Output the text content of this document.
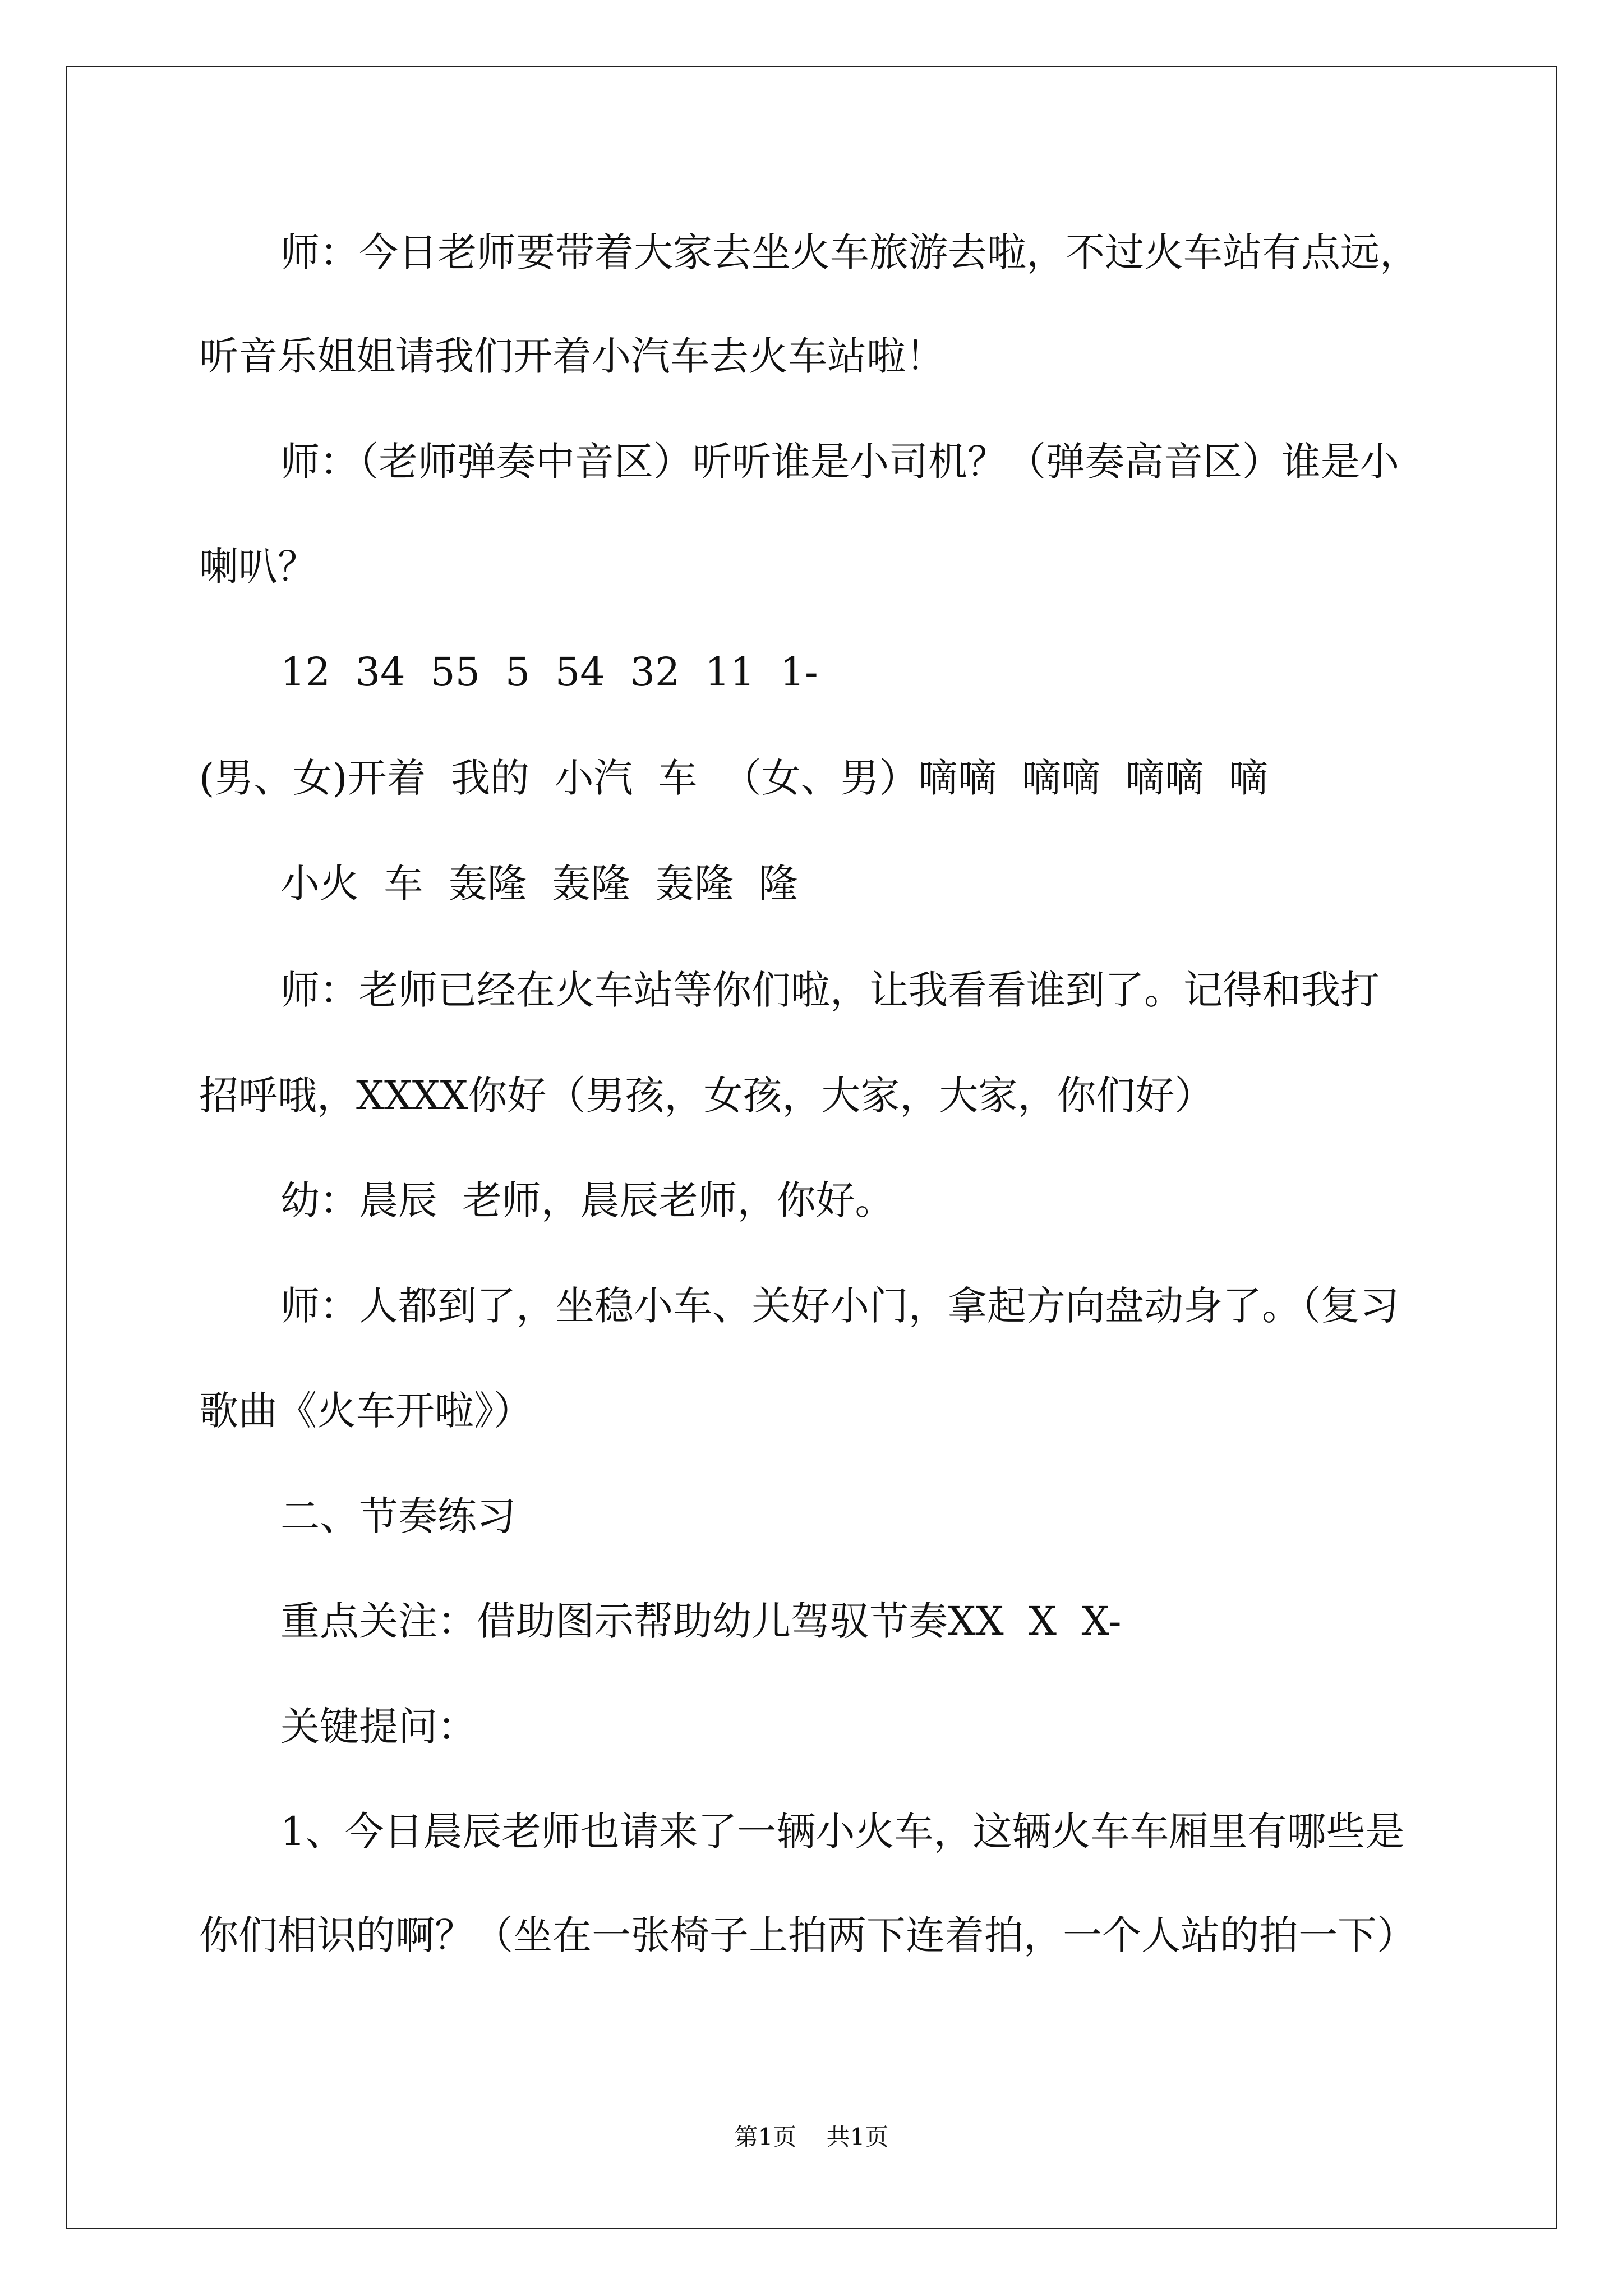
师：今日老师要带着大家去坐火车旅游去啦，不过火车站有点远，
听音乐姐姐请我们开着小汽车去火车站啦！
师：（老师弹奏中音区）听听谁是小司机？（弹奏高音区）谁是小
喇叭？
12  34  55  5  54  32  11  1-
(男、女)开着  我的  小汽  车  （女、男）嘀嘀  嘀嘀  嘀嘀  嘀
小火  车  轰隆  轰隆  轰隆  隆
师：老师已经在火车站等你们啦，让我看看谁到了。记得和我打
招呼哦，XXXX你好（男孩，女孩，大家，大家，你们好）
幼：晨辰  老师，晨辰老师，你好。
师：人都到了，坐稳小车、关好小门，拿起方向盘动身了。（复习
歌曲《火车开啦》）
二、节奏练习
重点关注：借助图示帮助幼儿驾驭节奏XX  X  X-
关键提问：
1、今日晨辰老师也请来了一辆小火车，这辆火车车厢里有哪些是
你们相识的啊？（坐在一张椅子上拍两下连着拍，一个人站的拍一下）
第1页    共1页
